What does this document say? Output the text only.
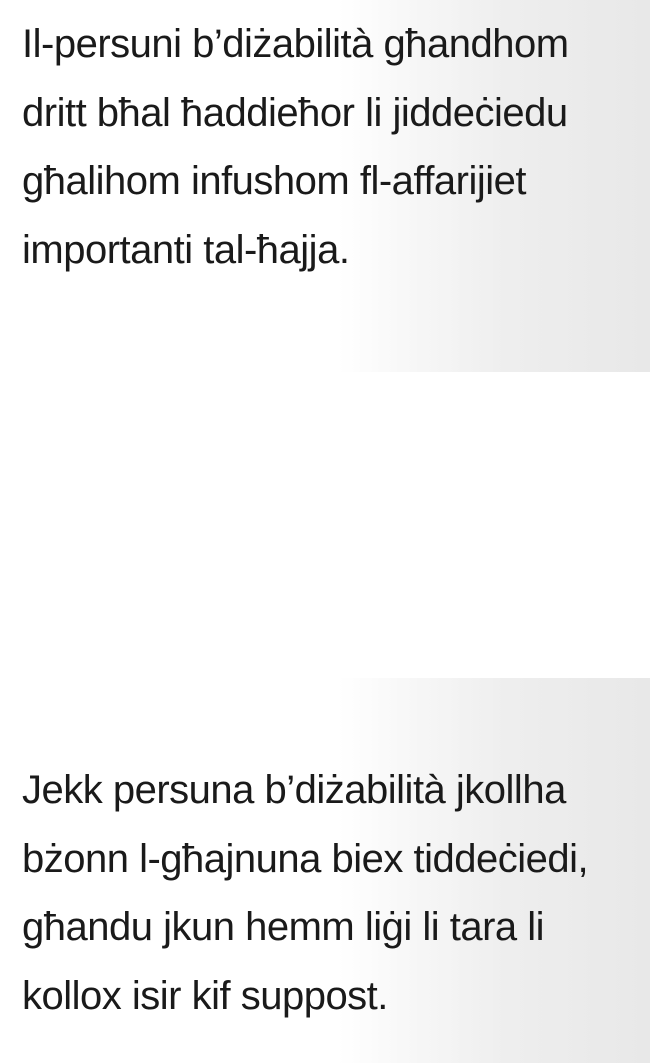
Il-persuni b’diżabilità għandhom
dritt bħal ħaddieħor li jiddeċiedu
għalihom infushom fl-affarijiet
importanti tal-ħajja.

Jekk persuna b’diżabilità jkollha
bżonn l-għajnuna biex tiddeċiedi,
għandu jkun hemm liġi li tara li
kollox isir kif suppost.
